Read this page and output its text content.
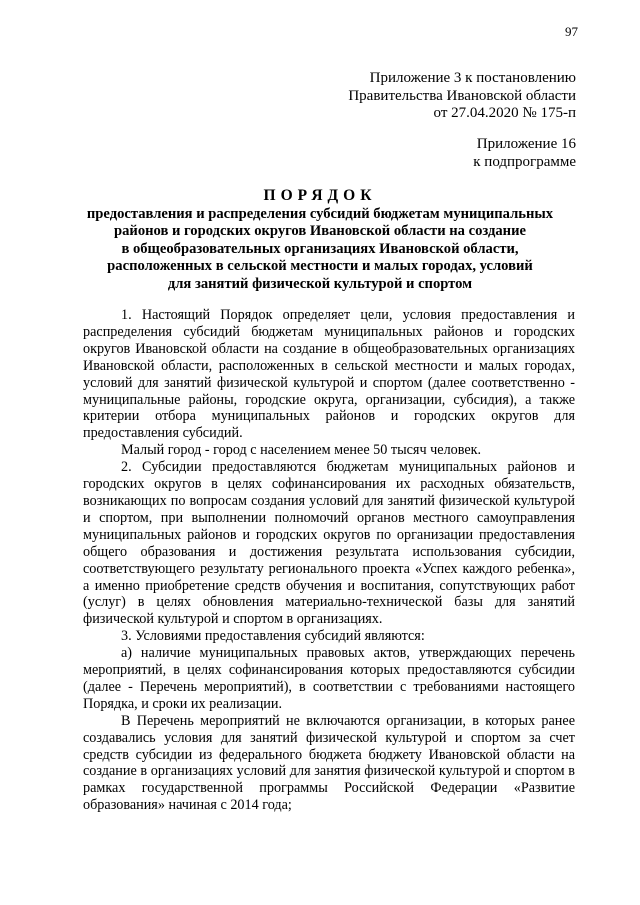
97
Приложение 3 к постановлению
Правительства Ивановской области
от 27.04.2020 № 175-п
Приложение 16
к подпрограмме
ПОРЯДОК
предоставления и распределения субсидий бюджетам муниципальных
районов и городских округов Ивановской области на создание
в общеобразовательных организациях Ивановской области,
расположенных в сельской местности и малых городах, условий
для занятий физической культурой и спортом

1. Настоящий Порядок определяет цели, условия предоставления и распределения субсидий бюджетам муниципальных районов и городских округов Ивановской области на создание в общеобразовательных организациях Ивановской области, расположенных в сельской местности и малых городах, условий для занятий физической культурой и спортом (далее соответственно - муниципальные районы, городские округа, организации, субсидия), а также критерии отбора муниципальных районов и городских округов для предоставления субсидий.

Малый город - город с населением менее 50 тысяч человек.

2. Субсидии предоставляются бюджетам муниципальных районов и городских округов в целях софинансирования их расходных обязательств, возникающих по вопросам создания условий для занятий физической культурой и спортом, при выполнении полномочий органов местного самоуправления муниципальных районов и городских округов по организации предоставления общего образования и достижения результата использования субсидии, соответствующего результату регионального проекта «Успех каждого ребенка», а именно приобретение средств обучения и воспитания, сопутствующих работ (услуг) в целях обновления материально-технической базы для занятий физической культурой и спортом в организациях.

3. Условиями предоставления субсидий являются:

а) наличие муниципальных правовых актов, утверждающих перечень мероприятий, в целях софинансирования которых предоставляются субсидии (далее - Перечень мероприятий), в соответствии с требованиями настоящего Порядка, и сроки их реализации.

В Перечень мероприятий не включаются организации, в которых ранее создавались условия для занятий физической культурой и спортом за счет средств субсидии из федерального бюджета бюджету Ивановской области на создание в организациях условий для занятия физической культурой и спортом в рамках государственной программы Российской Федерации «Развитие образования» начиная с 2014 года;
